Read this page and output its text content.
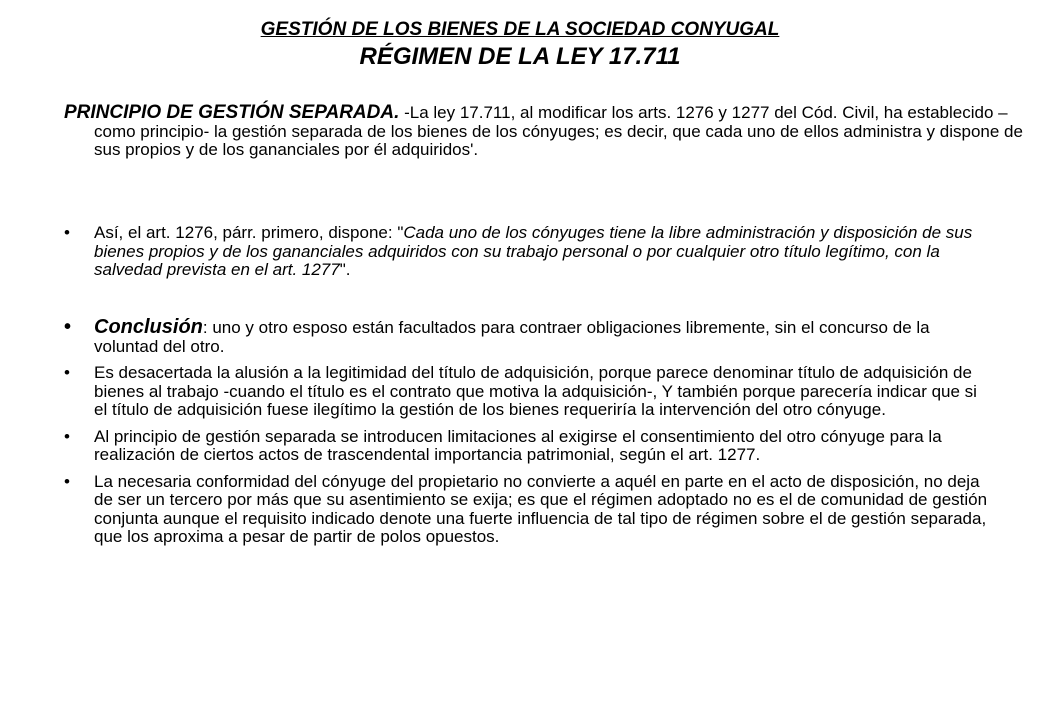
GESTIÓN DE LOS BIENES DE LA SOCIEDAD CONYUGAL
RÉGIMEN DE LA LEY 17.711
PRINCIPIO DE GESTIÓN SEPARADA. -La ley 17.711, al modificar los arts. 1276 y 1277 del Cód. Civil, ha establecido – como principio- la gestión separada de los bienes de los cónyuges; es decir, que cada uno de ellos administra y dispone de sus propios y de los gananciales por él adquiridos'.
• Así, el art. 1276, párr. primero, dispone: "Cada uno de los cónyuges tiene la libre administración y disposición de sus bienes propios y de los gananciales adquiridos con su trabajo personal o por cualquier otro título legítimo, con la salvedad prevista en el art. 1277".
• Conclusión: uno y otro esposo están facultados para contraer obligaciones libremente, sin el concurso de la voluntad del otro.
• Es desacertada la alusión a la legitimidad del título de adquisición, porque parece denominar título de adquisición de bienes al trabajo -cuando el título es el contrato que motiva la adquisición-, Y también porque parecería indicar que si el título de adquisición fuese ilegítimo la gestión de los bienes requeriría la intervención del otro cónyuge.
• Al principio de gestión separada se introducen limitaciones al exigirse el consentimiento del otro cónyuge para la realización de ciertos actos de trascendental importancia patrimonial, según el art. 1277.
• La necesaria conformidad del cónyuge del propietario no convierte a aquél en parte en el acto de disposición, no deja de ser un tercero por más que su asentimiento se exija; es que el régimen adoptado no es el de comunidad de gestión conjunta aunque el requisito indicado denote una fuerte influencia de tal tipo de régimen sobre el de gestión separada, que los aproxima a pesar de partir de polos opuestos.
